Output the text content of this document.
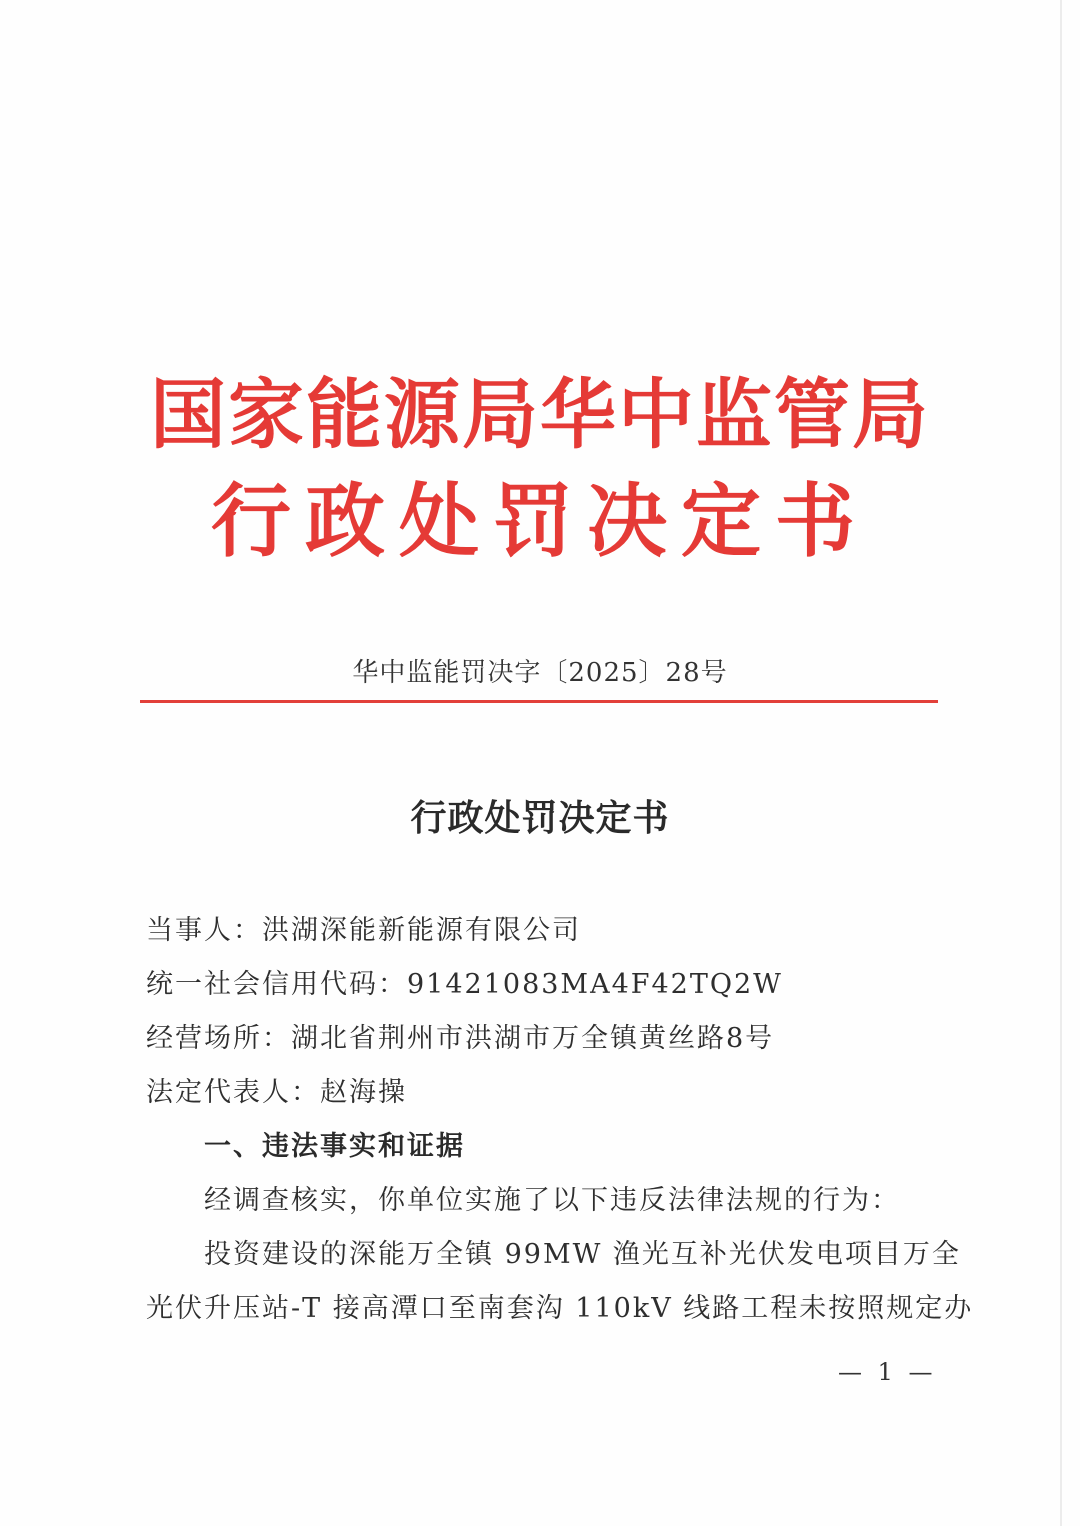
国家能源局华中监管局
行政处罚决定书
华中监能罚决字〔2025〕28号
行政处罚决定书
当事人：洪湖深能新能源有限公司
统一社会信用代码：91421083MA4F42TQ2W
经营场所：湖北省荆州市洪湖市万全镇黄丝路8号
法定代表人：赵海操
一、违法事实和证据
经调查核实，你单位实施了以下违反法律法规的行为：
投资建设的深能万全镇 99MW 渔光互补光伏发电项目万全
光伏升压站-T 接高潭口至南套沟 110kV 线路工程未按照规定办
— 1 —
